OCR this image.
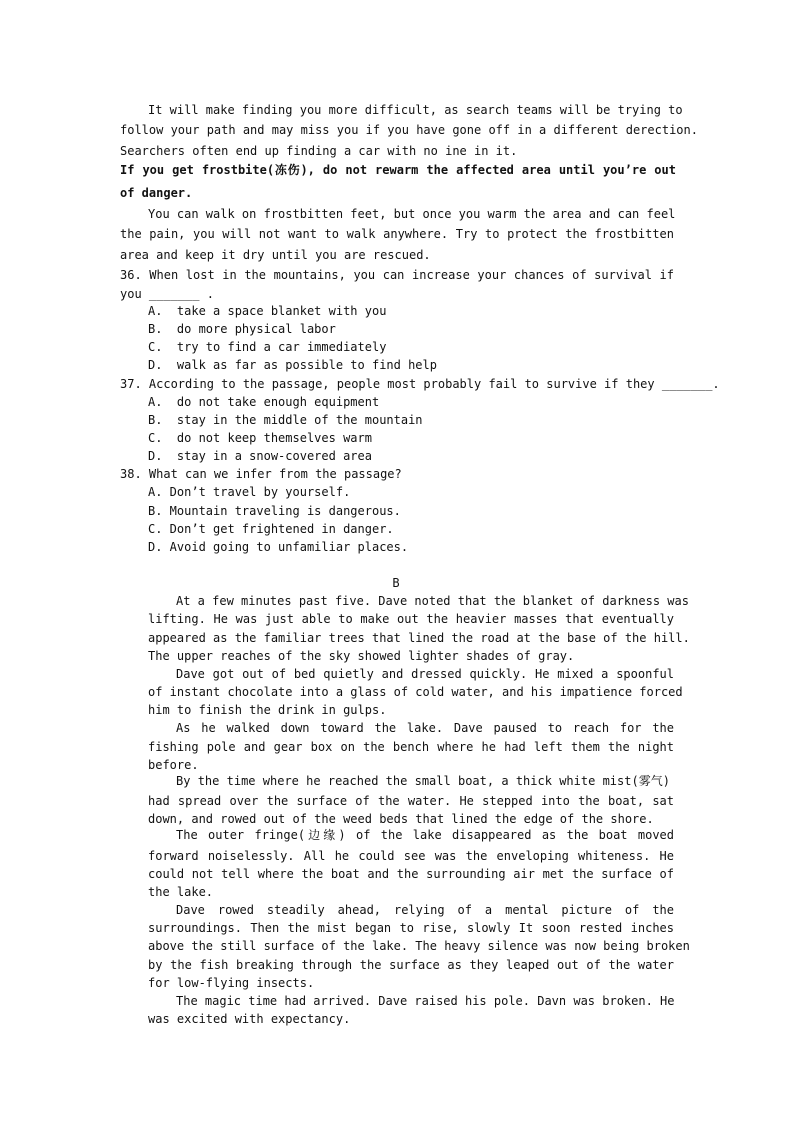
It will make finding you more difficult, as search teams will be trying to
follow your path and may miss you if you have gone off in a different derection.
Searchers often end up finding a car with no ine in it.
If you get frostbite(冻伤), do not rewarm the affected area until you’re out
of danger.
You can walk on frostbitten feet, but once you warm the area and can feel
the pain, you will not want to walk anywhere. Try to protect the frostbitten
area and keep it dry until you are rescued.
36. When lost in the mountains, you can increase your chances of survival if
you _______ .
A.  take a space blanket with you
B.  do more physical labor
C.  try to find a car immediately
D.  walk as far as possible to find help
37. According to the passage, people most probably fail to survive if they _______.
A.  do not take enough equipment
B.  stay in the middle of the mountain
C.  do not keep themselves warm
D.  stay in a snow-covered area
38. What can we infer from the passage?
A. Don’t travel by yourself.
B. Mountain traveling is dangerous.
C. Don’t get frightened in danger.
D. Avoid going to unfamiliar places.
B
At a few minutes past five. Dave noted that the blanket of darkness was
lifting. He was just able to make out the heavier masses that eventually
appeared as the familiar trees that lined the road at the base of the hill.
The upper reaches of the sky showed lighter shades of gray.
Dave got out of bed quietly and dressed quickly. He mixed a spoonful
of instant chocolate into a glass of cold water, and his impatience forced
him to finish the drink in gulps.
As he walked down toward the lake. Dave paused to reach for the
fishing pole and gear box on the bench where he had left them the night
before.
By the time where he reached the small boat, a thick white mist(雾气)
had spread over the surface of the water. He stepped into the boat, sat
down, and rowed out of the weed beds that lined the edge of the shore.
The outer fringe(边缘) of the lake disappeared as the boat moved
forward noiselessly. All he could see was the enveloping whiteness. He
could not tell where the boat and the surrounding air met the surface of
the lake.
Dave rowed steadily ahead, relying of a mental picture of the
surroundings. Then the mist began to rise, slowly It soon rested inches
above the still surface of the lake. The heavy silence was now being broken
by the fish breaking through the surface as they leaped out of the water
for low-flying insects.
The magic time had arrived. Dave raised his pole. Davn was broken. He
was excited with expectancy.
